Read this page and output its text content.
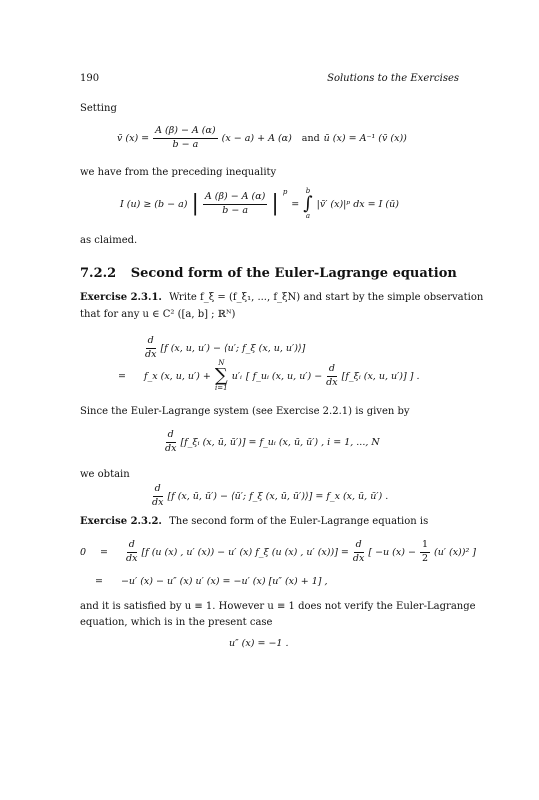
190	Solutions to the Exercises
Setting
v̄ $(x) = \frac{A (\beta) - A (\alpha)}{b - a} (x - a) + A$ (α) and ū (x) = A⁻¹ (v̄ (x))
we have from the preceding inequality
I (u) ≥ (b − a) | $\frac{A (\beta) - A (\alpha)}{b - a}$ | $^p$
=
b
∫
a
|v̄′ (x)|ᵖ dx = I (ū)
as claimed.
7.2.2 Second form of the Euler-Lagrange equation
Exercise 2.3.1. Write f_ξ = (f_ξ₁, ..., f_ξN) and start by the simple observation
that for any u ∈ C² ([a, b] ; ℝᴺ)
$\frac{d}{dx} [f$ (x, u, u′) − ⟨u′; f_ξ (x, u, u′)⟩]
= f_x (x, u, u′) +
N
∑
i=1
u′ᵢ [ f_uᵢ (x, u, $u') - \frac{d}{dx}$ [f_ξᵢ (x, u, u′)] ] .
Since the Euler-Lagrange system (see Exercise 2.2.1) is given by
$\frac{d}{dx}$ [f_ξᵢ (x, ū, ū′)] = f_uᵢ (x, ū, ū′) , i = 1, ..., N
we obtain
$\frac{d}{dx} [f$ (x, ū, ū′) − ⟨ū′; f_ξ (x, ū, ū′)⟩] = f_x (x, ū, ū′) .
Exercise 2.3.2. The second form of the Euler-Lagrange equation is
$0 = \frac{d}{dx} [f$ (u (x) , u′ (x)) − u′ (x) f_ξ (u (x) , u′ $(x))] = \frac{d}{dx}$ [ −u $(x) - \frac{1}{2} (u'$ (x))² ]
= −u′ (x) − u″ (x) u′ (x) = −u′ (x) [u″ (x) + 1] ,
and it is satisfied by u ≡ 1. However u ≡ 1 does not verify the Euler-Lagrange
equation, which is in the present case
u″ (x) = −1 .
